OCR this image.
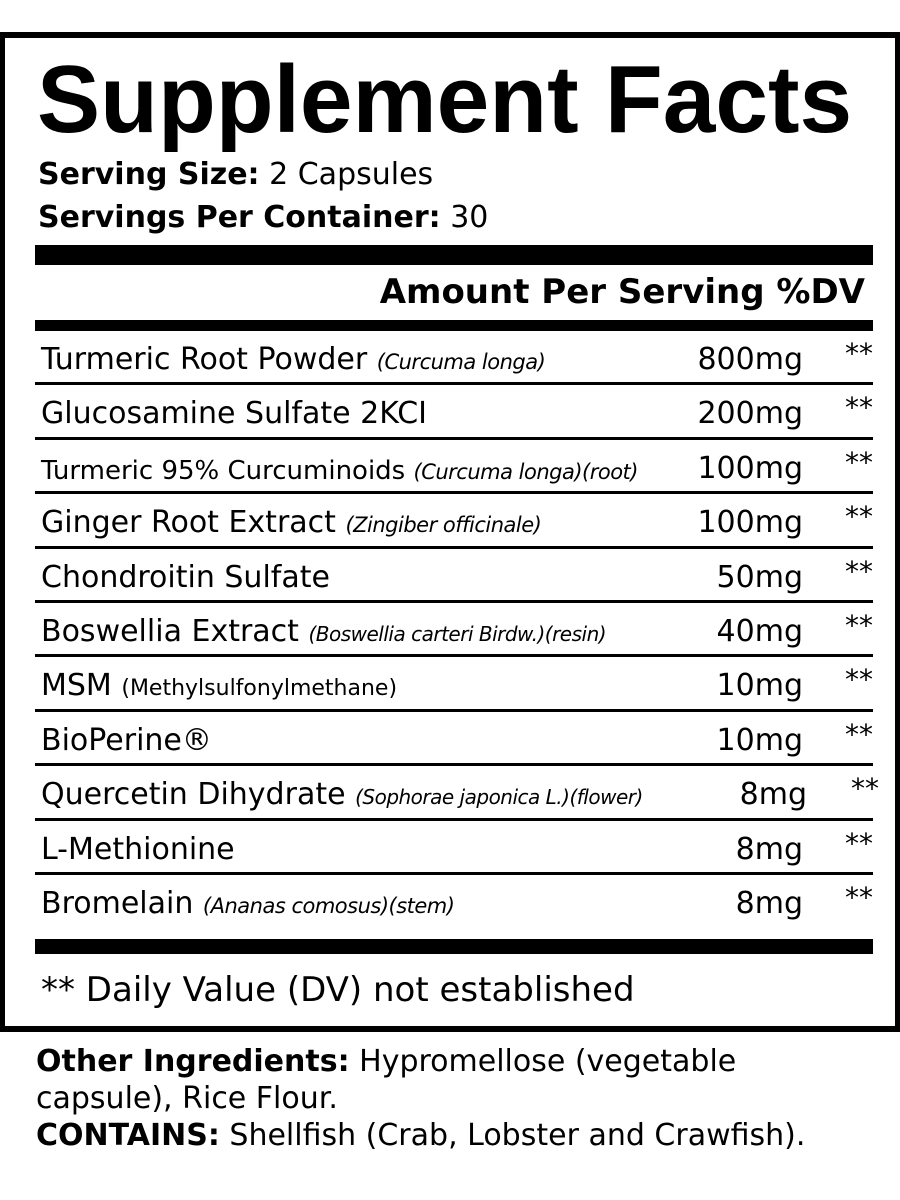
Supplement Facts
Serving Size: 2 Capsules
Servings Per Container: 30
Amount Per Serving %DV
Turmeric Root Powder (Curcuma longa)	800mg **
Glucosamine Sulfate 2KCI	200mg **
Turmeric 95% Curcuminoids (Curcuma longa)(root) 100mg **
Ginger Root Extract (Zingiber officinale)	100mg **
Chondroitin Sulfate	50mg **
Boswellia Extract (Boswellia carteri Birdw.)(resin)	40mg **
MSM (Methylsulfonylmethane)	10mg **
BioPerine®	10mg **
Quercetin Dihydrate (Sophorae japonica L.)(flower)	8mg **
L-Methionine	8mg **
Bromelain (Ananas comosus)(stem)	8mg **
** Daily Value (DV) not established

Other Ingredients: Hypromellose (vegetable capsule), Rice Flour.

CONTAINS: Shellfish (Crab, Lobster and Crawfish).
